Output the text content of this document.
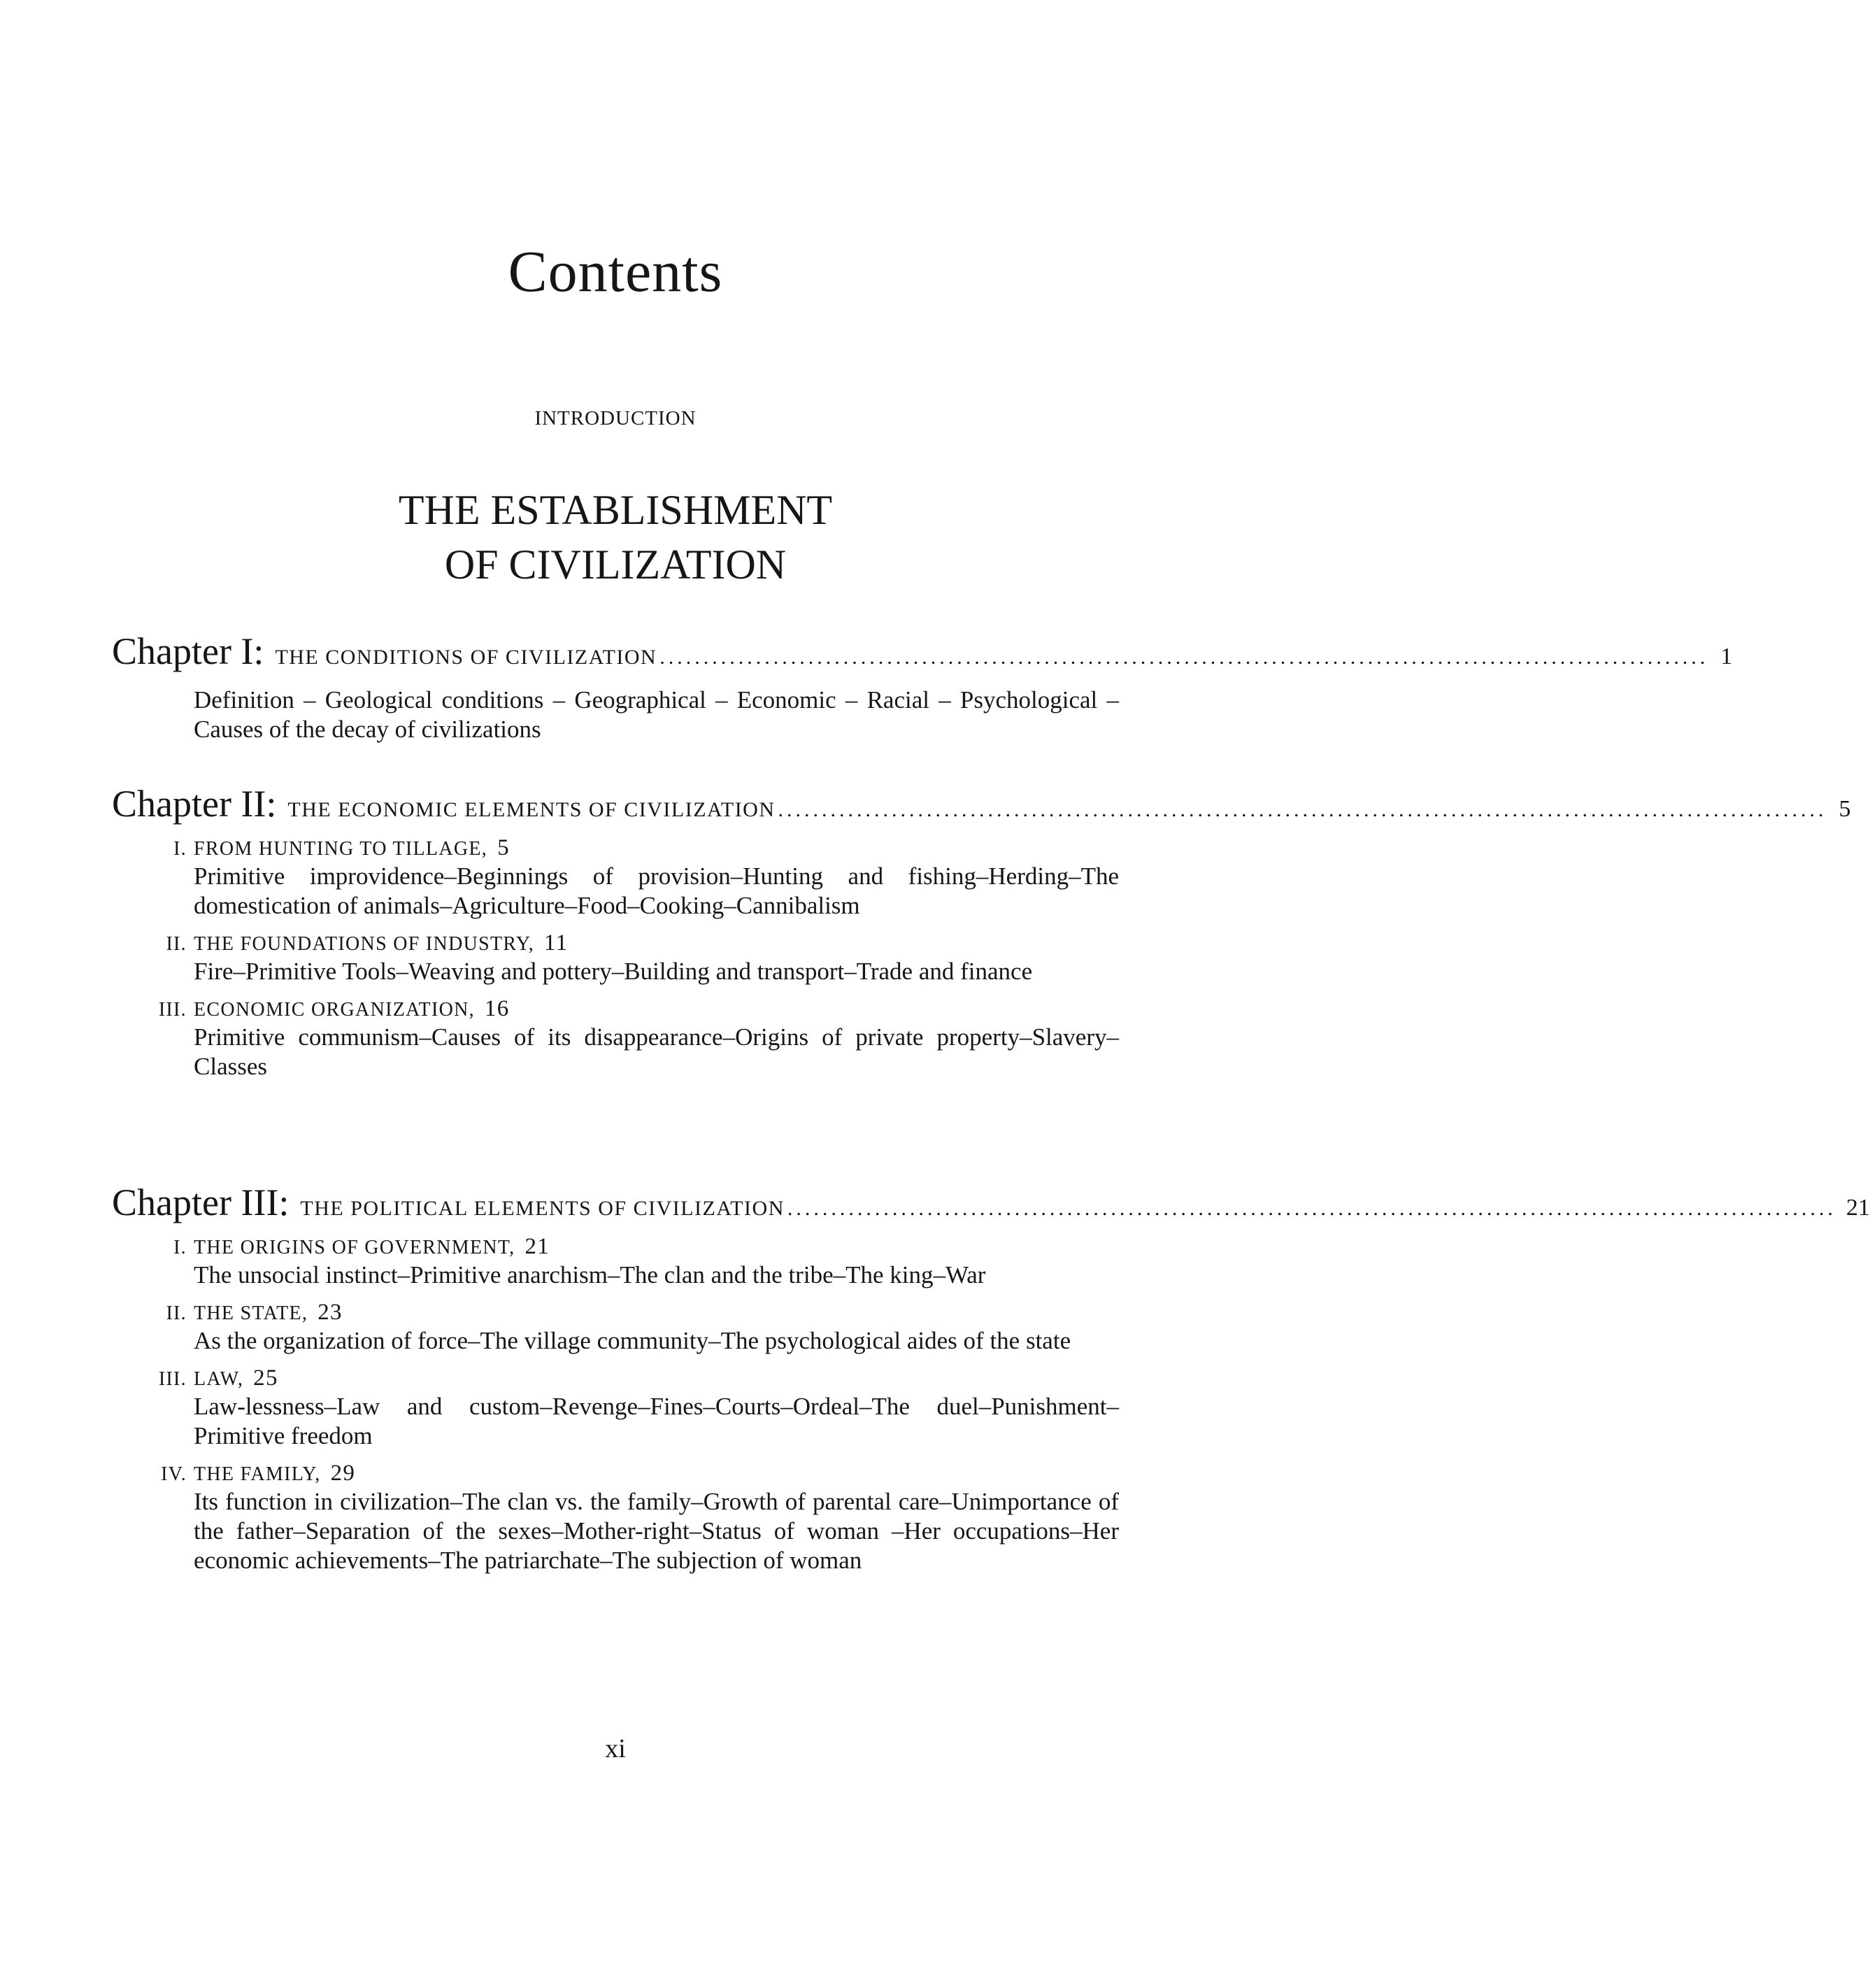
Contents
INTRODUCTION
THE ESTABLISHMENT
OF CIVILIZATION
Chapter I: THE CONDITIONS OF CIVILIZATION ........................................................................................................................ 1
Definition – Geological conditions – Geographical – Economic – Racial – Psychological – Causes of the decay of civilizations
Chapter II: THE ECONOMIC ELEMENTS OF CIVILIZATION ........................................................................................................................ 5
I. FROM HUNTING TO TILLAGE, 5
Primitive improvidence–Beginnings of provision–Hunting and fishing–Herding–The domestication of animals–Agriculture–Food–Cooking–Cannibalism
II. THE FOUNDATIONS OF INDUSTRY, 11
Fire–Primitive Tools–Weaving and pottery–Building and transport–Trade and finance
III. ECONOMIC ORGANIZATION, 16
Primitive communism–Causes of its disappearance–Origins of private property–Slavery–Classes
Chapter III: THE POLITICAL ELEMENTS OF CIVILIZATION ........................................................................................................................ 21
I. THE ORIGINS OF GOVERNMENT, 21
The unsocial instinct–Primitive anarchism–The clan and the tribe–The king–War
II. THE STATE, 23
As the organization of force–The village community–The psychological aides of the state
III. LAW, 25
Law-lessness–Law and custom–Revenge–Fines–Courts–Ordeal–The duel–Punishment–Primitive freedom
IV. THE FAMILY, 29
Its function in civilization–The clan vs. the family–Growth of parental care–Unimportance of the father–Separation of the sexes–Mother-right–Status of woman –Her occupations–Her economic achievements–The patriarchate–The subjection of woman
xi
